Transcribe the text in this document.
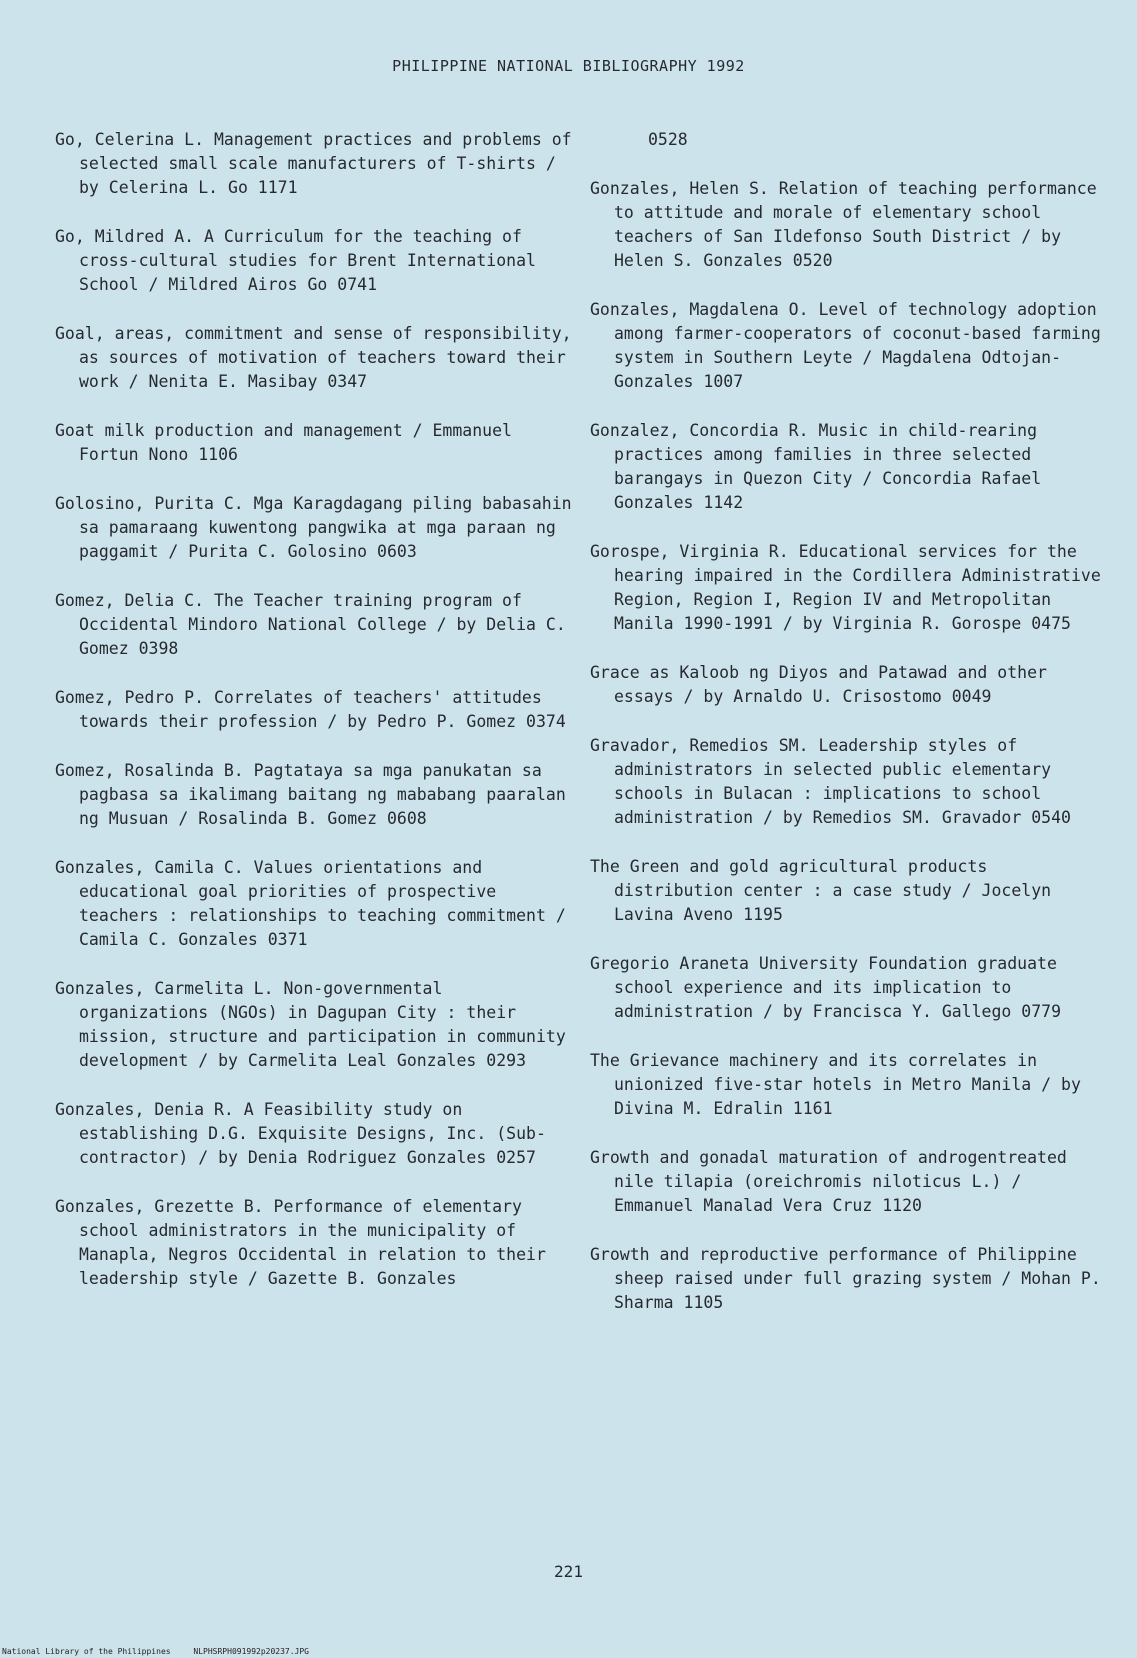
PHILIPPINE NATIONAL BIBLIOGRAPHY 1992
Go, Celerina L. Management practices and problems of selected small scale manufacturers of T-shirts / by Celerina L. Go 1171
Go, Mildred A. A Curriculum for the teaching of cross-cultural studies for Brent International School / Mildred Airos Go 0741
Goal, areas, commitment and sense of responsibility, as sources of motivation of teachers toward their work / Nenita E. Masibay 0347
Goat milk production and management / Emmanuel Fortun Nono 1106
Golosino, Purita C. Mga Karagdagang piling babasahin sa pamaraang kuwentong pangwika at mga paraan ng paggamit / Purita C. Golosino 0603
Gomez, Delia C. The Teacher training program of Occidental Mindoro National College / by Delia C. Gomez 0398
Gomez, Pedro P. Correlates of teachers' attitudes towards their profession / by Pedro P. Gomez 0374
Gomez, Rosalinda B. Pagtataya sa mga panukatan sa pagbasa sa ikalimang baitang ng mababang paaralan ng Musuan / Rosalinda B. Gomez 0608
Gonzales, Camila C. Values orientations and educational goal priorities of prospective teachers : relationships to teaching commitment / Camila C. Gonzales 0371
Gonzales, Carmelita L. Non-governmental organizations (NGOs) in Dagupan City : their mission, structure and participation in community development / by Carmelita Leal Gonzales 0293
Gonzales, Denia R. A Feasibility study on establishing D.G. Exquisite Designs, Inc. (Sub-contractor) / by Denia Rodriguez Gonzales 0257
Gonzales, Grezette B. Performance of elementary school administrators in the municipality of Manapla, Negros Occidental in relation to their leadership style / Gazette B. Gonzales
0528
Gonzales, Helen S. Relation of teaching performance to attitude and morale of elementary school teachers of San Ildefonso South District / by Helen S. Gonzales 0520
Gonzales, Magdalena O. Level of technology adoption among farmer-cooperators of coconut-based farming system in Southern Leyte / Magdalena Odtojan-Gonzales 1007
Gonzalez, Concordia R. Music in child-rearing practices among families in three selected barangays in Quezon City / Concordia Rafael Gonzales 1142
Gorospe, Virginia R. Educational services for the hearing impaired in the Cordillera Administrative Region, Region I, Region IV and Metropolitan Manila 1990-1991 / by Virginia R. Gorospe 0475
Grace as Kaloob ng Diyos and Patawad and other essays / by Arnaldo U. Crisostomo 0049
Gravador, Remedios SM. Leadership styles of administrators in selected public elementary schools in Bulacan : implications to school administration / by Remedios SM. Gravador 0540
The Green and gold agricultural products distribution center : a case study / Jocelyn Lavina Aveno 1195
Gregorio Araneta University Foundation graduate school experience and its implication to administration / by Francisca Y. Gallego 0779
The Grievance machinery and its correlates in unionized five-star hotels in Metro Manila / by Divina M. Edralin 1161
Growth and gonadal maturation of androgentreated nile tilapia (oreichromis niloticus L.) / Emmanuel Manalad Vera Cruz 1120
Growth and reproductive performance of Philippine sheep raised under full grazing system / Mohan P. Sharma 1105
221
National Library of the Philippines	NLPHSRPH091992p20237.JPG
